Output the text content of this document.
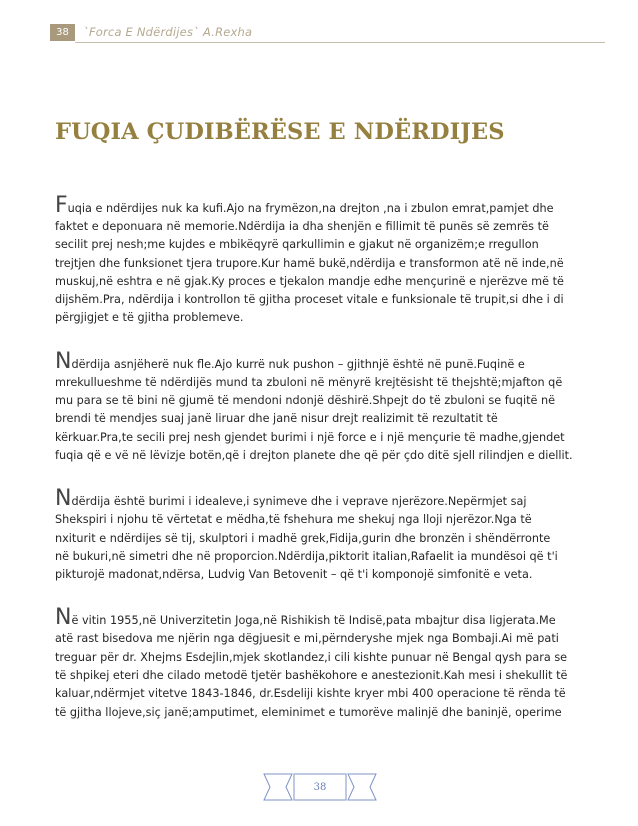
38	`Forca E Ndërdijes` A.Rexha
FUQIA ÇUDIBËRËSE E NDËRDIJES

Fuqia e ndërdijes nuk ka kufi.Ajo na frymëzon,na drejton ,na i zbulon emrat,pamjet dhe
faktet e deponuara në memorie.Ndërdija ia dha shenjën e fillimit të punës së zemrës të
secilit prej nesh;me kujdes e mbikëqyrë qarkullimin e gjakut në organizëm;e rregullon
trejtjen dhe funksionet tjera trupore.Kur hamë bukë,ndërdija e transformon atë në inde,në
muskuj,në eshtra e në gjak.Ky proces e tjekalon mandje edhe mençurinë e njerëzve më të
dijshëm.Pra, ndërdija i kontrollon të gjitha proceset vitale e funksionale të trupit,si dhe i di
përgjigjet e të gjitha problemeve.

Ndërdija asnjëherë nuk fle.Ajo kurrë nuk pushon – gjithnjë është në punë.Fuqinë e
mrekullueshme të ndërdijës mund ta zbuloni në mënyrë krejtësisht të thejshtë;mjafton që
mu para se të bini në gjumë të mendoni ndonjë dëshirë.Shpejt do të zbuloni se fuqitë në
brendi të mendjes suaj janë liruar dhe janë nisur drejt realizimit të rezultatit të
kërkuar.Pra,te secili prej nesh gjendet burimi i një force e i një mençurie të madhe,gjendet
fuqia që e vë në lëvizje botën,që i drejton planete dhe që për çdo ditë sjell rilindjen e diellit.

Ndërdija është burimi i idealeve,i synimeve dhe i veprave njerëzore.Nepërmjet saj
Shekspiri i njohu të vërtetat e mëdha,të fshehura me shekuj nga lloji njerëzor.Nga të
nxiturit e ndërdijes së tij, skulptori i madhë grek,Fidija,gurin dhe bronzën i shëndërronte
në bukuri,në simetri dhe në proporcion.Ndërdija,piktorit italian,Rafaelit ia mundësoi që t'i
pikturojë madonat,ndërsa, Ludvig Van Betovenit – që t'i komponojë simfonitë e veta.

Në vitin 1955,në Univerzitetin Joga,në Rishikish të Indisë,pata mbajtur disa ligjerata.Me
atë rast bisedova me njërin nga dëgjuesit e mi,përnderyshe mjek nga Bombaji.Ai më pati
treguar për dr. Xhejms Esdejlin,mjek skotlandez,i cili kishte punuar në Bengal qysh para se
të shpikej eteri dhe cilado metodë tjetër bashëkohore e anestezionit.Kah mesi i shekullit të
kaluar,ndërmjet vitetve 1843-1846, dr.Esdeliji kishte kryer mbi 400 operacione të rënda të
të gjitha llojeve,siç janë;amputimet, eleminimet e tumorëve malinjë dhe baninjë, operime

38
